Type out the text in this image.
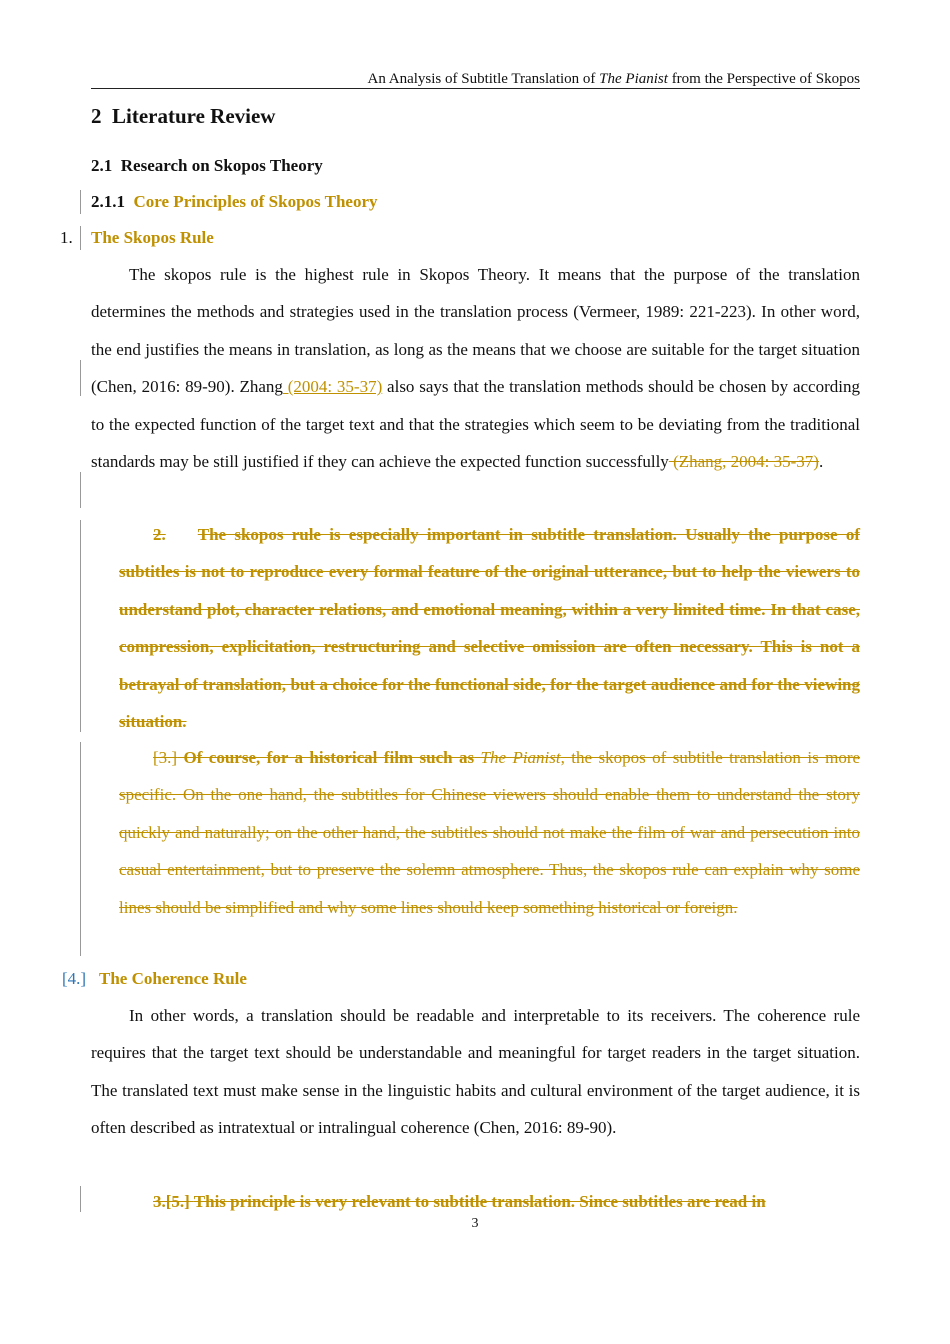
An Analysis of Subtitle Translation of The Pianist from the Perspective of Skopos
2 Literature Review
2.1 Research on Skopos Theory
2.1.1 Core Principles of Skopos Theory
1. The Skopos Rule
The skopos rule is the highest rule in Skopos Theory. It means that the purpose of the translation determines the methods and strategies used in the translation process (Vermeer, 1989: 221-223). In other word, the end justifies the means in translation, as long as the means that we choose are suitable for the target situation (Chen, 2016: 89-90). Zhang (2004: 35-37) also says that the translation methods should be chosen by according to the expected function of the target text and that the strategies which seem to be deviating from the traditional standards may be still justified if they can achieve the expected function successfully (Zhang, 2004: 35-37).
2. The skopos rule is especially important in subtitle translation. Usually the purpose of subtitles is not to reproduce every formal feature of the original utterance, but to help the viewers to understand plot, character relations, and emotional meaning, within a very limited time. In that case, compression, explicitation, restructuring and selective omission are often necessary. This is not a betrayal of translation, but a choice for the functional side, for the target audience and for the viewing situation.
[3.] Of course, for a historical film such as The Pianist, the skopos of subtitle translation is more specific. On the one hand, the subtitles for Chinese viewers should enable them to understand the story quickly and naturally; on the other hand, the subtitles should not make the film of war and persecution into casual entertainment, but to preserve the solemn atmosphere. Thus, the skopos rule can explain why some lines should be simplified and why some lines should keep something historical or foreign.
[4.] The Coherence Rule
In other words, a translation should be readable and interpretable to its receivers. The coherence rule requires that the target text should be understandable and meaningful for target readers in the target situation. The translated text must make sense in the linguistic habits and cultural environment of the target audience, it is often described as intratextual or intralingual coherence (Chen, 2016: 89-90).
3.[5.] This principle is very relevant to subtitle translation. Since subtitles are read in
3
